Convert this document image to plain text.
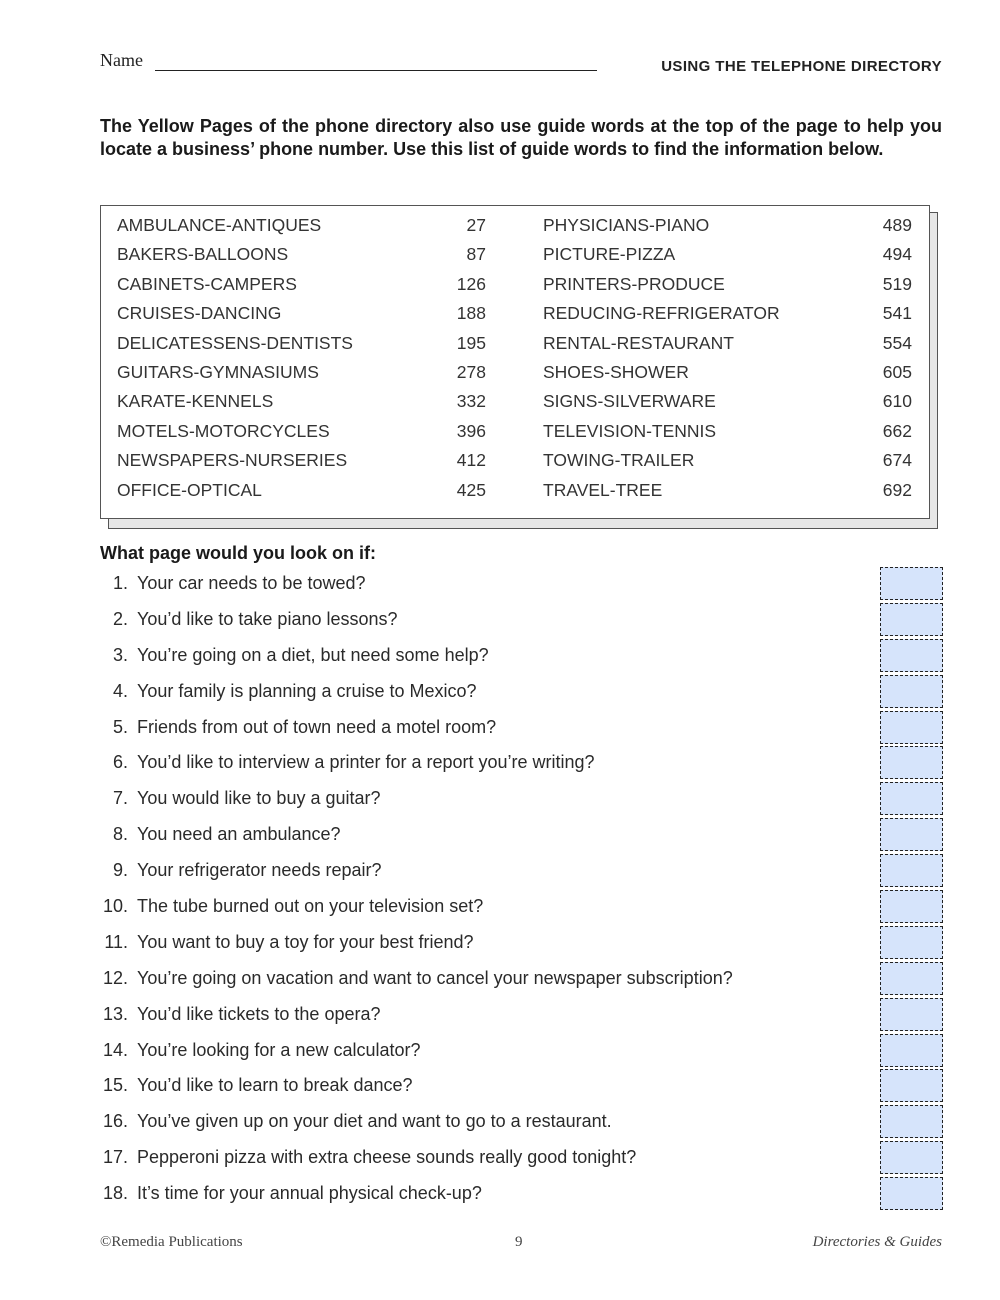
Name	USING THE TELEPHONE DIRECTORY

The Yellow Pages of the phone directory also use guide words at the top of the page to help you locate a business’ phone number. Use this list of guide words to find the information below.

AMBULANCE-ANTIQUES	27
BAKERS-BALLOONS	87
CABINETS-CAMPERS	126
CRUISES-DANCING	188
DELICATESSENS-DENTISTS	195
GUITARS-GYMNASIUMS	278
KARATE-KENNELS	332
MOTELS-MOTORCYCLES	396
NEWSPAPERS-NURSERIES	412
OFFICE-OPTICAL	425
PHYSICIANS-PIANO	489
PICTURE-PIZZA	494
PRINTERS-PRODUCE	519
REDUCING-REFRIGERATOR	541
RENTAL-RESTAURANT	554
SHOES-SHOWER	605
SIGNS-SILVERWARE	610
TELEVISION-TENNIS	662
TOWING-TRAILER	674
TRAVEL-TREE	692
What page would you look on if:
1. Your car needs to be towed?
2. You’d like to take piano lessons?
3. You’re going on a diet, but need some help?
4. Your family is planning a cruise to Mexico?
5. Friends from out of town need a motel room?
6. You’d like to interview a printer for a report you’re writing?
7. You would like to buy a guitar?
8. You need an ambulance?
9. Your refrigerator needs repair?
10. The tube burned out on your television set?
11. You want to buy a toy for your best friend?
12. You’re going on vacation and want to cancel your newspaper subscription?
13. You’d like tickets to the opera?
14. You’re looking for a new calculator?
15. You’d like to learn to break dance?
16. You’ve given up on your diet and want to go to a restaurant.
17. Pepperoni pizza with extra cheese sounds really good tonight?
18. It’s time for your annual physical check-up?
©Remedia Publications	9	Directories & Guides
